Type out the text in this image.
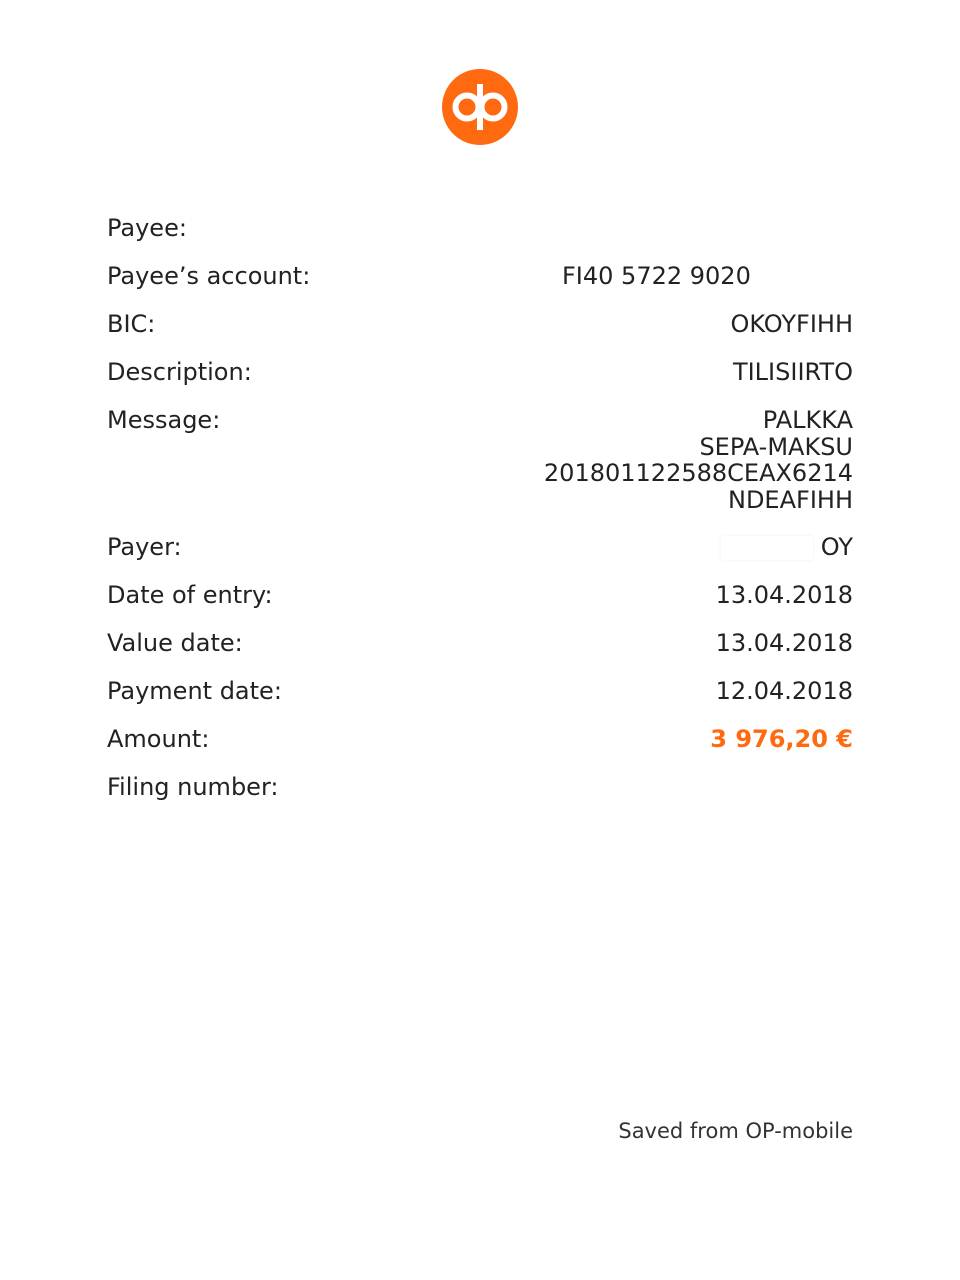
Payee:
Payee’s account:	FI40 5722 9020
BIC:	OKOYFIHH
Description:	TILISIIRTO
Message:	PALKKA
SEPA-MAKSU
201801122588CEAX6214
NDEAFIHH
Payer:	OY
Date of entry:	13.04.2018
Value date:	13.04.2018
Payment date:	12.04.2018
Amount:	3 976,20 €
Filing number:
Saved from OP-mobile
